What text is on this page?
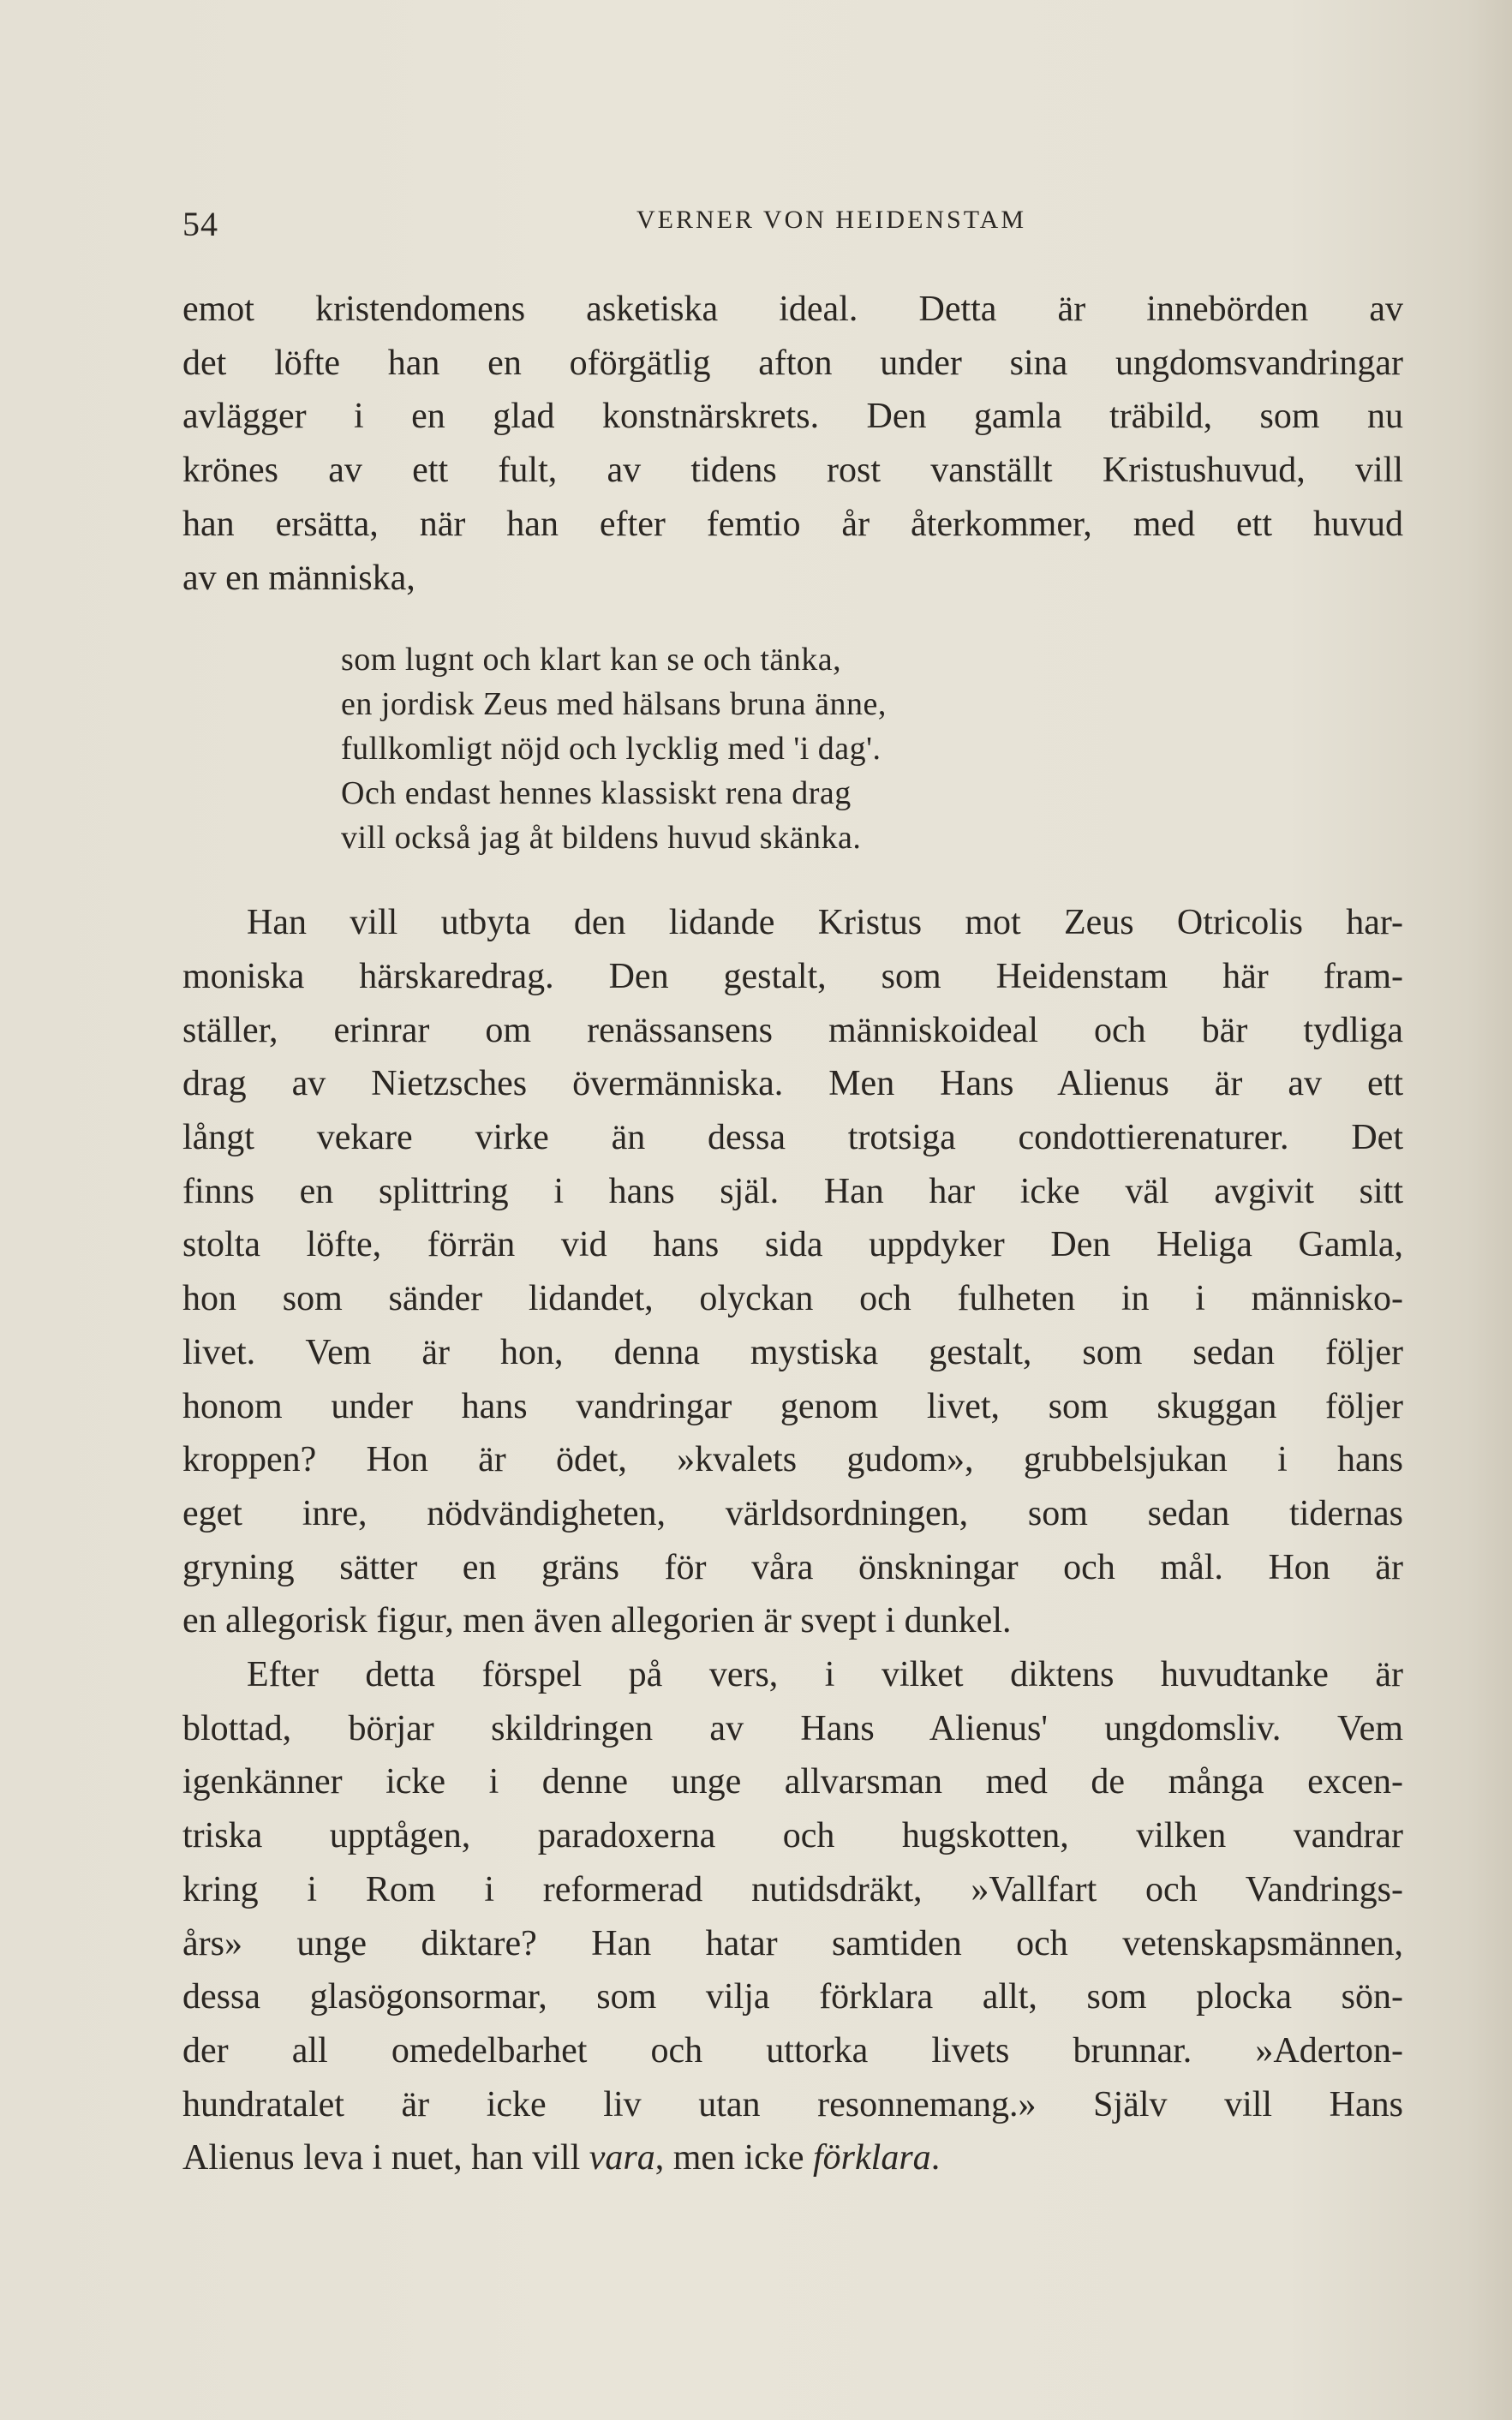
54	VERNER VON HEIDENSTAM
emot kristendomens asketiska ideal. Detta är innebörden av
det löfte han en oförgätlig afton under sina ungdomsvandringar
avlägger i en glad konstnärskrets. Den gamla träbild, som nu
krönes av ett fult, av tidens rost vanställt Kristushuvud, vill
han ersätta, när han efter femtio år återkommer, med ett huvud
av en människa,
som lugnt och klart kan se och tänka,
en jordisk Zeus med hälsans bruna änne,
fullkomligt nöjd och lycklig med 'i dag'.
Och endast hennes klassiskt rena drag
vill också jag åt bildens huvud skänka.
Han vill utbyta den lidande Kristus mot Zeus Otricolis har-
moniska härskaredrag. Den gestalt, som Heidenstam här fram-
ställer, erinrar om renässansens människoideal och bär tydliga
drag av Nietzsches övermänniska. Men Hans Alienus är av ett
långt vekare virke än dessa trotsiga condottierenaturer. Det
finns en splittring i hans själ. Han har icke väl avgivit sitt
stolta löfte, förrän vid hans sida uppdyker Den Heliga Gamla,
hon som sänder lidandet, olyckan och fulheten in i människo-
livet. Vem är hon, denna mystiska gestalt, som sedan följer
honom under hans vandringar genom livet, som skuggan följer
kroppen? Hon är ödet, »kvalets gudom», grubbelsjukan i hans
eget inre, nödvändigheten, världsordningen, som sedan tidernas
gryning sätter en gräns för våra önskningar och mål. Hon är
en allegorisk figur, men även allegorien är svept i dunkel.
Efter detta förspel på vers, i vilket diktens huvudtanke är
blottad, börjar skildringen av Hans Alienus' ungdomsliv. Vem
igenkänner icke i denne unge allvarsman med de många excen-
triska upptågen, paradoxerna och hugskotten, vilken vandrar
kring i Rom i reformerad nutidsdräkt, »Vallfart och Vandrings-
års» unge diktare? Han hatar samtiden och vetenskapsmännen,
dessa glasögonsormar, som vilja förklara allt, som plocka sön-
der all omedelbarhet och uttorka livets brunnar. »Aderton-
hundratalet är icke liv utan resonnemang.» Själv vill Hans
Alienus leva i nuet, han vill vara, men icke förklara.
